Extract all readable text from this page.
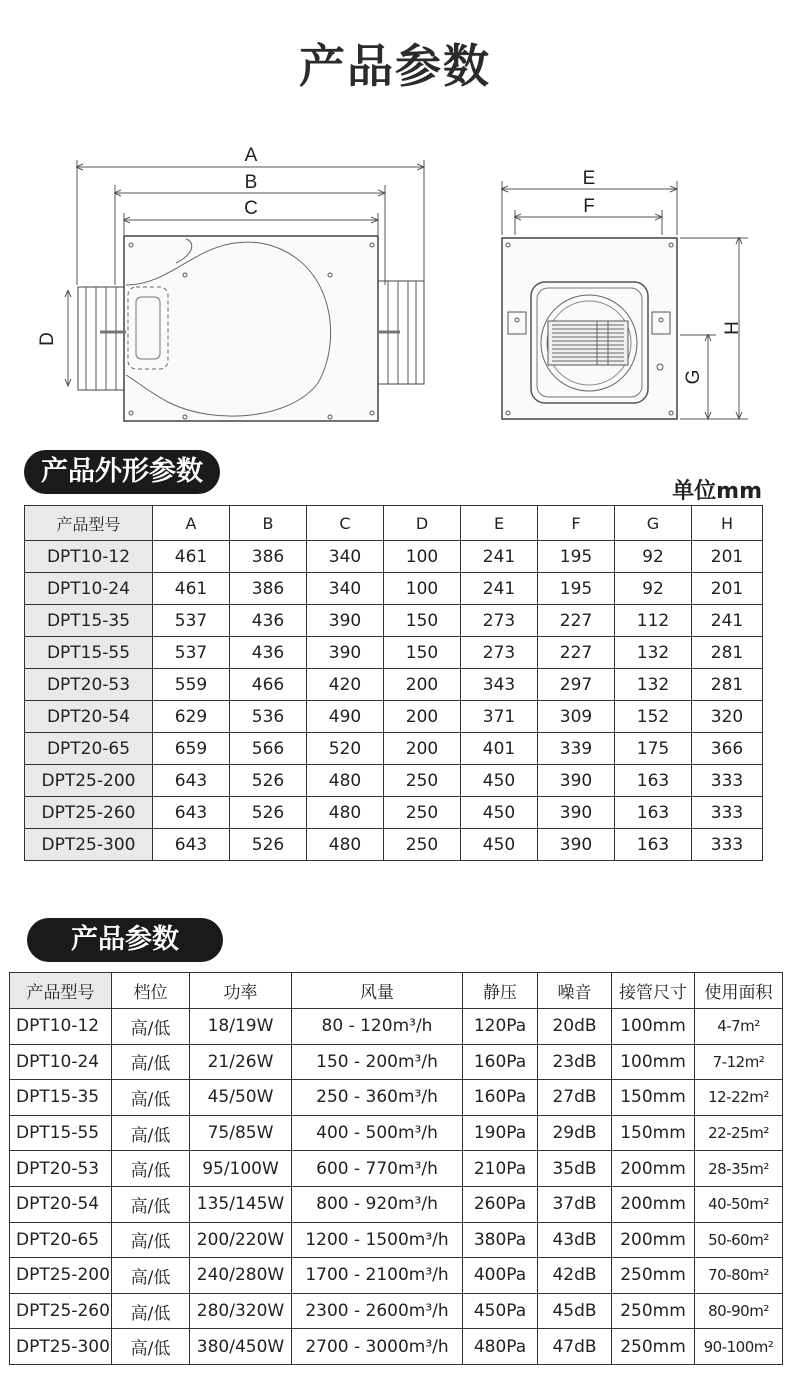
产品参数
A
B
C
D
E
F
G
H
产品外形参数
单位mm
产品型号	A	B	C	D	E	F	G	H
DPT10-12	461	386	340	100	241	195	92	201
DPT10-24	461	386	340	100	241	195	92	201
DPT15-35	537	436	390	150	273	227	112	241
DPT15-55	537	436	390	150	273	227	132	281
DPT20-53	559	466	420	200	343	297	132	281
DPT20-54	629	536	490	200	371	309	152	320
DPT20-65	659	566	520	200	401	339	175	366
DPT25-200	643	526	480	250	450	390	163	333
DPT25-260	643	526	480	250	450	390	163	333
DPT25-300	643	526	480	250	450	390	163	333
产品参数
产品型号	档位	功率	风量	静压	噪音	接管尺寸	使用面积
DPT10-12	高/低	18/19W	80 - 120m³/h	120Pa	20dB	100mm	4-7m²
DPT10-24	高/低	21/26W	150 - 200m³/h	160Pa	23dB	100mm	7-12m²
DPT15-35	高/低	45/50W	250 - 360m³/h	160Pa	27dB	150mm	12-22m²
DPT15-55	高/低	75/85W	400 - 500m³/h	190Pa	29dB	150mm	22-25m²
DPT20-53	高/低	95/100W	600 - 770m³/h	210Pa	35dB	200mm	28-35m²
DPT20-54	高/低	135/145W	800 - 920m³/h	260Pa	37dB	200mm	40-50m²
DPT20-65	高/低	200/220W	1200 - 1500m³/h	380Pa	43dB	200mm	50-60m²
DPT25-200	高/低	240/280W	1700 - 2100m³/h	400Pa	42dB	250mm	70-80m²
DPT25-260	高/低	280/320W	2300 - 2600m³/h	450Pa	45dB	250mm	80-90m²
DPT25-300	高/低	380/450W	2700 - 3000m³/h	480Pa	47dB	250mm	90-100m²
